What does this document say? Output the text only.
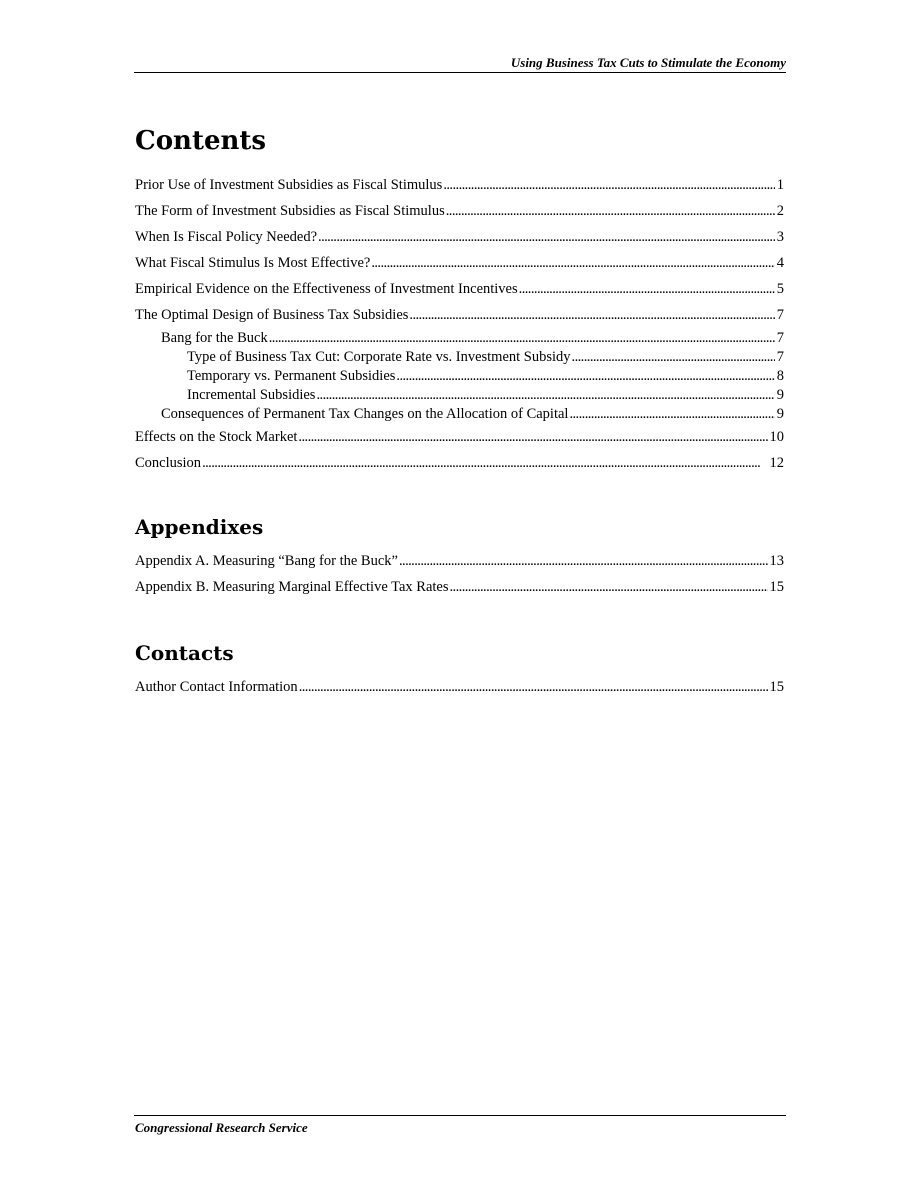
Using Business Tax Cuts to Stimulate the Economy
Contents
Prior Use of Investment Subsidies as Fiscal Stimulus . . .	1
The Form of Investment Subsidies as Fiscal Stimulus . . .	2
When Is Fiscal Policy Needed? . . .	3
What Fiscal Stimulus Is Most Effective? . . .	4
Empirical Evidence on the Effectiveness of Investment Incentives . . .	5
The Optimal Design of Business Tax Subsidies . . .	7
Bang for the Buck . . .	7
Type of Business Tax Cut: Corporate Rate vs. Investment Subsidy . . .	7
Temporary vs. Permanent Subsidies . . .	8
Incremental Subsidies . . .	9
Consequences of Permanent Tax Changes on the Allocation of Capital . . .	9
Effects on the Stock Market . . .	10
Conclusion . . .	12
Appendixes
Appendix A. Measuring “Bang for the Buck” . . .	13
Appendix B. Measuring Marginal Effective Tax Rates . . .	15
Contacts
Author Contact Information . . .	15
Congressional Research Service
